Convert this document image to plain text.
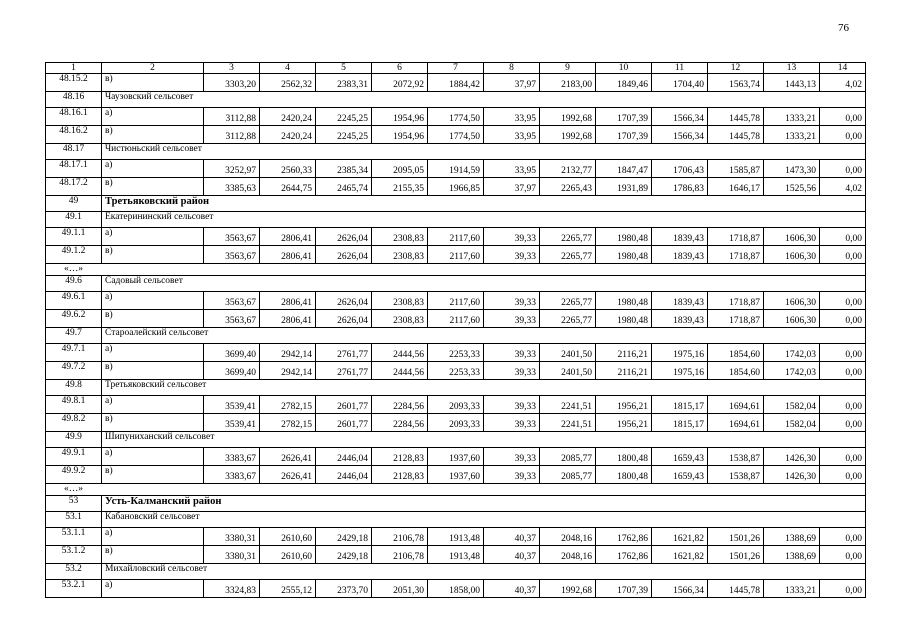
76
1	2	3	4	5	6	7	8	9	10	11	12	13	14
48.15.2	в)	3303,20	2562,32	2383,31	2072,92	1884,42	37,97	2183,00	1849,46	1704,40	1563,74	1443,13	4,02
48.16	Чаузовский сельсовет												
48.16.1	а)	3112,88	2420,24	2245,25	1954,96	1774,50	33,95	1992,68	1707,39	1566,34	1445,78	1333,21	0,00
48.16.2	в)	3112,88	2420,24	2245,25	1954,96	1774,50	33,95	1992,68	1707,39	1566,34	1445,78	1333,21	0,00
48.17	Чистюньский сельсовет												
48.17.1	а)	3252,97	2560,33	2385,34	2095,05	1914,59	33,95	2132,77	1847,47	1706,43	1585,87	1473,30	0,00
48.17.2	в)	3385,63	2644,75	2465,74	2155,35	1966,85	37,97	2265,43	1931,89	1786,83	1646,17	1525,56	4,02
49	Третьяковский район												
49.1	Екатерининский сельсовет												
49.1.1	а)	3563,67	2806,41	2626,04	2308,83	2117,60	39,33	2265,77	1980,48	1839,43	1718,87	1606,30	0,00
49.1.2	в)	3563,67	2806,41	2626,04	2308,83	2117,60	39,33	2265,77	1980,48	1839,43	1718,87	1606,30	0,00
«…»													
49.6	Садовый сельсовет												
49.6.1	а)	3563,67	2806,41	2626,04	2308,83	2117,60	39,33	2265,77	1980,48	1839,43	1718,87	1606,30	0,00
49.6.2	в)	3563,67	2806,41	2626,04	2308,83	2117,60	39,33	2265,77	1980,48	1839,43	1718,87	1606,30	0,00
49.7	Староалейский сельсовет												
49.7.1	а)	3699,40	2942,14	2761,77	2444,56	2253,33	39,33	2401,50	2116,21	1975,16	1854,60	1742,03	0,00
49.7.2	в)	3699,40	2942,14	2761,77	2444,56	2253,33	39,33	2401,50	2116,21	1975,16	1854,60	1742,03	0,00
49.8	Третьяковский сельсовет												
49.8.1	а)	3539,41	2782,15	2601,77	2284,56	2093,33	39,33	2241,51	1956,21	1815,17	1694,61	1582,04	0,00
49.8.2	в)	3539,41	2782,15	2601,77	2284,56	2093,33	39,33	2241,51	1956,21	1815,17	1694,61	1582,04	0,00
49.9	Шипуниханский сельсовет												
49.9.1	а)	3383,67	2626,41	2446,04	2128,83	1937,60	39,33	2085,77	1800,48	1659,43	1538,87	1426,30	0,00
49.9.2	в)	3383,67	2626,41	2446,04	2128,83	1937,60	39,33	2085,77	1800,48	1659,43	1538,87	1426,30	0,00
«…»													
53	Усть-Калманский район												
53.1	Кабановский сельсовет												
53.1.1	а)	3380,31	2610,60	2429,18	2106,78	1913,48	40,37	2048,16	1762,86	1621,82	1501,26	1388,69	0,00
53.1.2	в)	3380,31	2610,60	2429,18	2106,78	1913,48	40,37	2048,16	1762,86	1621,82	1501,26	1388,69	0,00
53.2	Михайловский сельсовет												
53.2.1	а)	3324,83	2555,12	2373,70	2051,30	1858,00	40,37	1992,68	1707,39	1566,34	1445,78	1333,21	0,00
